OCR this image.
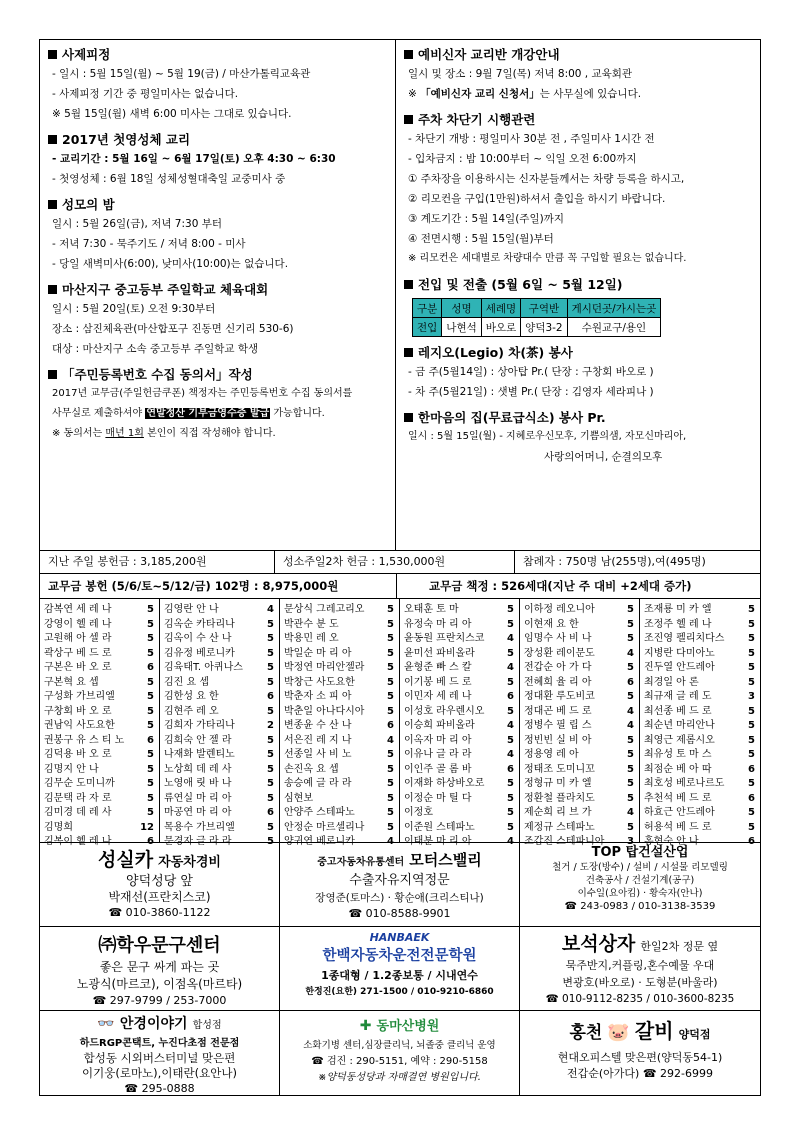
사제피정
- 일시 : 5월 15일(월) ~ 5월 19(금) / 마산가톨릭교육관
- 사제피정 기간 중 평일미사는 없습니다.
※ 5월 15일(월) 새벽 6:00 미사는 그대로 있습니다.
2017년 첫영성체 교리
- 교리기간 : 5월 16일 ~ 6월 17일(토) 오후 4:30 ~ 6:30
- 첫영성체 : 6월 18일 성체성혈대축일 교중미사 중
성모의 밤
일시 : 5월 26일(금), 저녁 7:30 부터
- 저녁 7:30 - 묵주기도 / 저녁 8:00 - 미사
- 당일 새벽미사(6:00), 낮미사(10:00)는 없습니다.
마산지구 중고등부 주일학교 체육대회
일시 : 5월 20일(토) 오전 9:30부터
장소 : 삼진체육관(마산합포구 진동면 신기리 530-6)
대상 : 마산지구 소속 중고등부 주일학교 학생
「주민등록번호 수집 동의서」작성
2017년 교무금(주일헌금쿠폰) 책정자는 주민등록번호 수집 동의서를
사무실로 제출하셔야 연말정산 기부금영수증 발급 가능합니다.
※ 동의서는 매년 1회 본인이 직접 작성해야 합니다.
예비신자 교리반 개강안내
일시 및 장소 : 9월 7일(목) 저녁 8:00 , 교육회관
※ 「예비신자 교리 신청서」는 사무실에 있습니다.
주차 차단기 시행관련
- 차단기 개방 : 평일미사 30분 전 , 주일미사 1시간 전
- 입차금지 : 밤 10:00부터 ~ 익일 오전 6:00까지
① 주차장을 이용하시는 신자분들께서는 차량 등록을 하시고,
② 리모컨을 구입(1만원)하셔서 출입을 하시기 바랍니다.
③ 계도기간 : 5월 14일(주일)까지
④ 전면시행 : 5월 15일(월)부터
※ 리모컨은 세대별로 차량대수 만큼 꼭 구입할 필요는 없습니다.
전입 및 전출 (5월 6일 ~ 5월 12일)
구분	성명	세례명	구역반	게시던곳/가시는곳
전입	나현석	바오로	양덕3-2	수원교구/용인
레지오(Legio) 차(茶) 봉사
- 금 주(5월14일) : 상아탑 Pr.( 단장 : 구창회 바오로 )
- 차 주(5월21일) : 샛별 Pr.( 단장 : 김영자 세라피나 )
한마음의 집(무료급식소) 봉사 Pr.
일시 : 5월 15일(월) - 지혜로우신모후, 기쁨의샘, 자모신마리아,
사랑의어머니, 순결의모후
지난 주일 봉헌금 : 3,185,200원	성소주일2차 헌금 : 1,530,000원	참례자 : 750명 남(255명),여(495명)
교무금 봉헌 (5/6/토~5/12/금) 102명 : 8,975,000원	교무금 책정 : 526세대(지난 주 대비 +2세대 증가)
감복연 세 레 나	5
강영이 헬 레 나	5
고원해 아 셀 라	5
곽상구 베 드 로	5
구본은 바 오 로	6
구본혁 요 셉	5
구성화 가브리엘	5
구창회 바 오 로	5
권남익 사도요한	5
권봉구 유 스 티 노 6
김덕용 바 오 로	5
김명지 안 나	5
김무순 도미니까	5
김문택 라 자 로	5
김미경 데 레 사	5
김명희	12
김복이 헬 레 나	6
김영란 안 나	4
김옥순 카타리나	5
김옥이 수 산 나	5
김유정 베로니카	5
김육태T. 아퀴나스 5
김진 요 셉	5
김한성 요 한	6
김현주 레 오	5
김희자 가타리나	2
김희숙 안 젤 라	5
나재화 발렌티노	5
노상희 데 레 사	5
노영애 릿 바 나	5
류연실 마 리 아	5
마공연 마 리 아	6
목용수 가브리엘	5
문경자 글 라 라	5
문상식 그레고리오 5
박관수 분 도	5
박용민 레 오	5
박일순 마 리 아	5
박정연 마리안젤라 5
박창근 사도요한	5
박춘자 소 피 아	5
박춘일 아나다시아 5
변종윤 수 산 나	6
서은진 레 지 나	4
선종일 사 비 노	5
손진옥 요 셉	5
송승예 글 라 라	5
심현보	5
안양주 스테파노	5
안정순 마르셀리나 5
양귀연 베로니카	4
오태훈 토 마	5
유정숙 마 리 아	5
윤동원 프란치스코 4
윤미선 파비올라	5
윤형준 빠 스 칼	4
이기봉 베 드 로	5
이민자 세 레 나	6
이성호 라우렌시오 5
이승희 파비올라	4
이옥자 마 리 아	5
이유나 글 라 라	4
이인주 골 롬 바	6
이재화 하상바오로 5
이정순 마 틸 다	5
이정호	5
이준원 스테파노	5
이태분 마 리 아	4
이하정 레오니아	5
이현재 요 한	5
임명수 사 비 나	5
장성환 레이문도	4
전갑순 아 가 다	5
전혜희 율 리 아	6
정대환 루도비코	5
정대곤 베 드 로	4
정병수 필 립 스	4
정빈빈 실 비 아	5
정용영 레 아	5
정태조 도미니꼬	5
정형규 미 카 엘	5
정환철 플라치도	5
제순희 리 브 가	4
제정규 스테파노	5
조갑진 스테파니아 3
조재룡 미 카 엘	5
조정주 헬 레 나	5
조진영 펠리치다스 5
지병란 다미아노	5
진두열 안드레아	5
최경일 아 론	5
최규재 글 레 도	3
최선종 베 드 로	5
최순년 마리안나	5
최영근 제롬시오	5
최유성 토 마 스	5
최점순 베 아 따	6
최호성 베로나르도 5
추천석 베 드 로	6
하효근 안드레아	5
허용석 베 드 로	5
홍현숙 안 나	6
성실카 자동차경비
양덕성당 앞
박재선(프란치스코)
☎ 010-3860-1122
중고자동차유통센터 모터스밸리
수출자유지역정문
장영준(토마스) · 황순애(크리스티나)
☎ 010-8588-9901
TOP 탑건설산업
철거 / 도장(방수) / 설비 / 시설물 리모델링
건축공사 / 건설기계(공구)
이수일(요아킴) · 황숙자(안나)
☎ 243-0983 / 010-3138-3539
㈜학우문구센터
좋은 문구 싸게 파는 곳
노광식(마르코), 이점옥(마르타)
☎ 297-9799 / 253-7000
HANBAEK
한백자동차운전전문학원
1종대형 / 1.2종보통 / 시내연수
한정진(요한) 271-1500 / 010-9210-6860
보석상자 한일2차 정문 옆
묵주반지,커플링,혼수예물 우대
변광호(바오로) · 도형분(바울라)
☎ 010-9112-8235 / 010-3600-8235
👓 안경이야기 합성점
하드RGP콘택트, 누진다초점 전문점
합성동 시외버스터미널 맞은편
이기웅(로마노),이태란(요안나)
☎ 295-0888
✚ 동마산병원
소화기병 센터,심장클리닉, 뇌졸중 클리닉 운영
☎ 검진 : 290-5151, 예약 : 290-5158
※양덕동성당과 자매결연 병원입니다.
홍천 🐷 갈비 양덕점
현대오피스텔 맞은편(양덕동54-1)
전갑순(아가다) ☎ 292-6999
